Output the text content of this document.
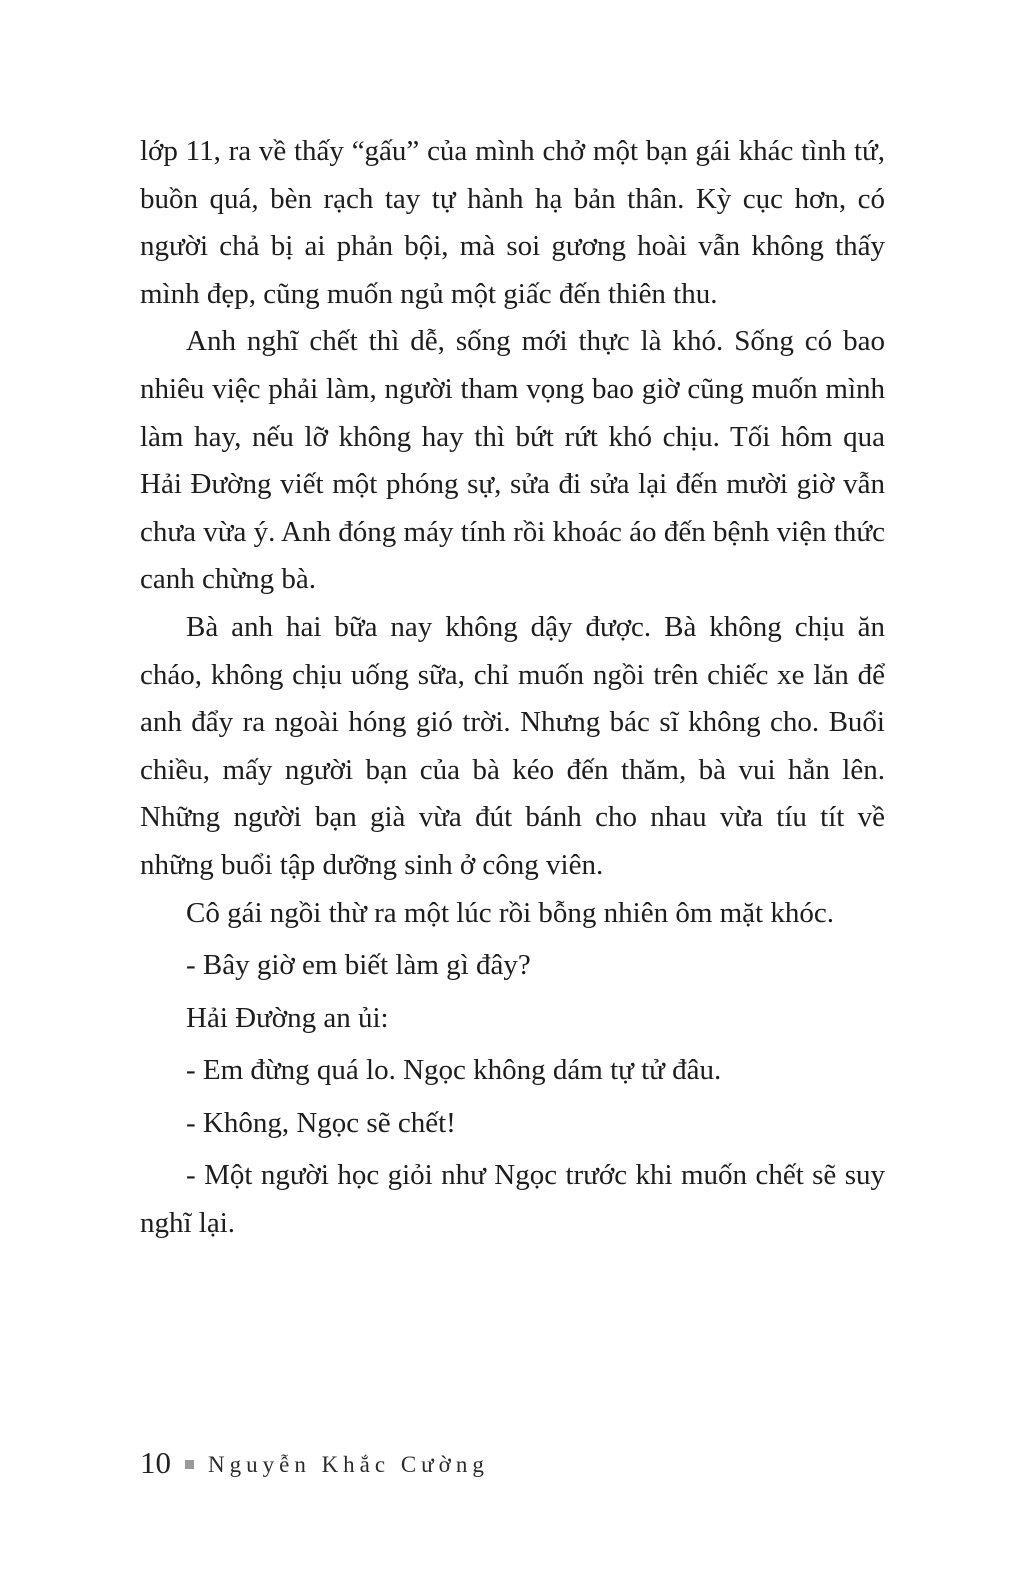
lớp 11, ra về thấy “gấu” của mình chở một bạn gái khác tình tứ, buồn quá, bèn rạch tay tự hành hạ bản thân. Kỳ cục hơn, có người chả bị ai phản bội, mà soi gương hoài vẫn không thấy mình đẹp, cũng muốn ngủ một giấc đến thiên thu.

Anh nghĩ chết thì dễ, sống mới thực là khó. Sống có bao nhiêu việc phải làm, người tham vọng bao giờ cũng muốn mình làm hay, nếu lỡ không hay thì bứt rứt khó chịu. Tối hôm qua Hải Đường viết một phóng sự, sửa đi sửa lại đến mười giờ vẫn chưa vừa ý. Anh đóng máy tính rồi khoác áo đến bệnh viện thức canh chừng bà.

Bà anh hai bữa nay không dậy được. Bà không chịu ăn cháo, không chịu uống sữa, chỉ muốn ngồi trên chiếc xe lăn để anh đẩy ra ngoài hóng gió trời. Nhưng bác sĩ không cho. Buổi chiều, mấy người bạn của bà kéo đến thăm, bà vui hẳn lên. Những người bạn già vừa đút bánh cho nhau vừa tíu tít về những buổi tập dưỡng sinh ở công viên.

Cô gái ngồi thừ ra một lúc rồi bỗng nhiên ôm mặt khóc.

- Bây giờ em biết làm gì đây?

Hải Đường an ủi:

- Em đừng quá lo. Ngọc không dám tự tử đâu.

- Không, Ngọc sẽ chết!

- Một người học giỏi như Ngọc trước khi muốn chết sẽ suy nghĩ lại.

10 Nguyễn Khắc Cường
